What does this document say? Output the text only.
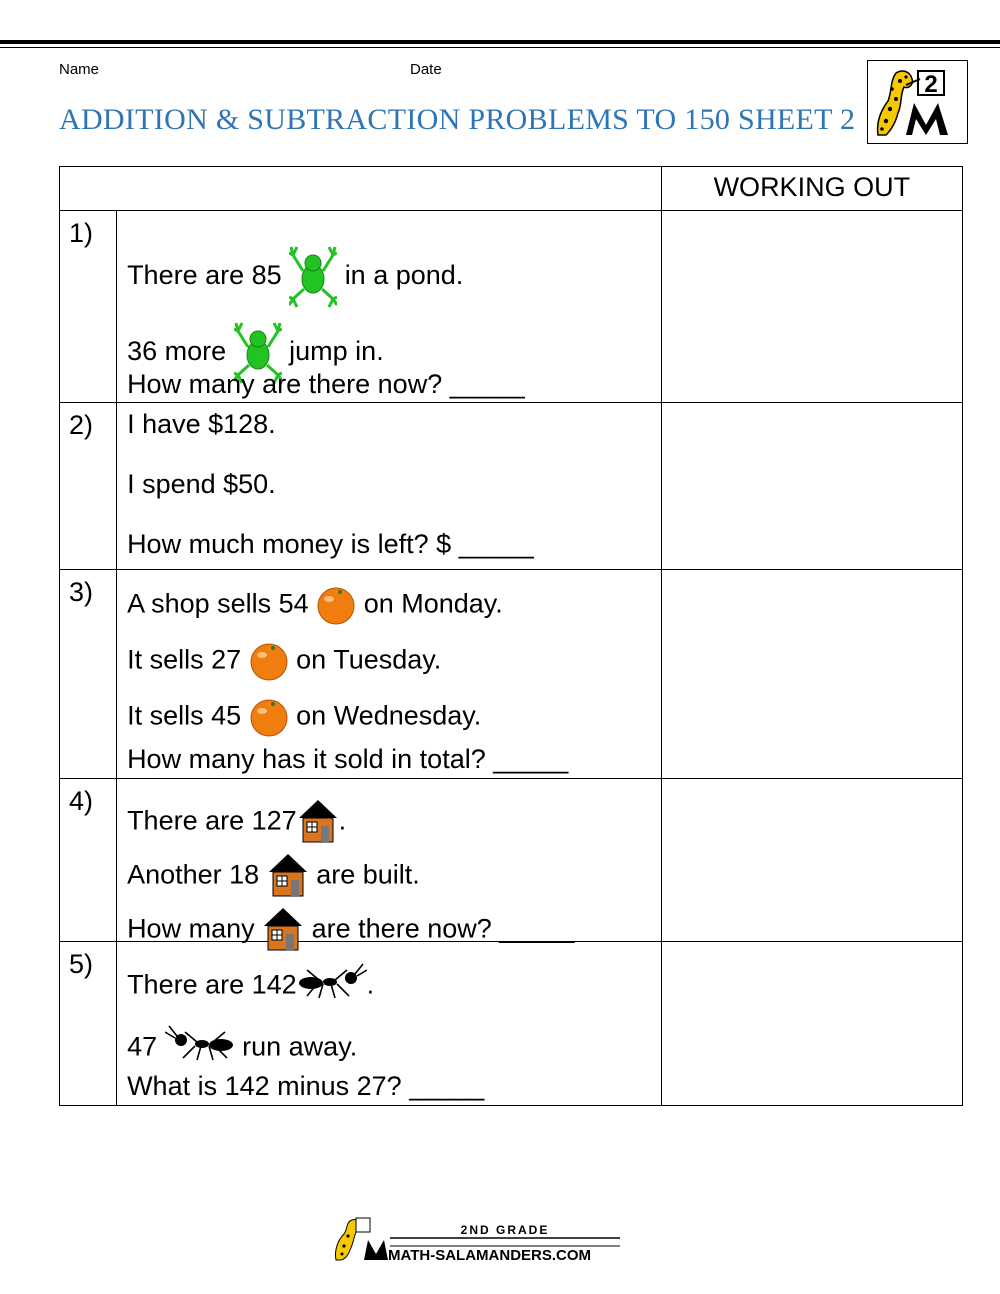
Name	Date
ADDITION & SUBTRACTION PROBLEMS TO 150 SHEET 2
2
		WORKING OUT
1)	There are 85 in a pond.
36 more jump in.
How many are there now? _____	

2)	I have $128.
I spend $50.
How much money is left? $ _____	

3)	A shop sells 54 on Monday.
It sells 27 on Tuesday.
It sells 45 on Wednesday.
How many has it sold in total? _____	

4)	There are 127 .
Another 18 are built.
How many are there now? _____	

5)	There are 142 .
47 run away.
What is 142 minus 27? _____	

2ND GRADE
MATH-SALAMANDERS.COM
